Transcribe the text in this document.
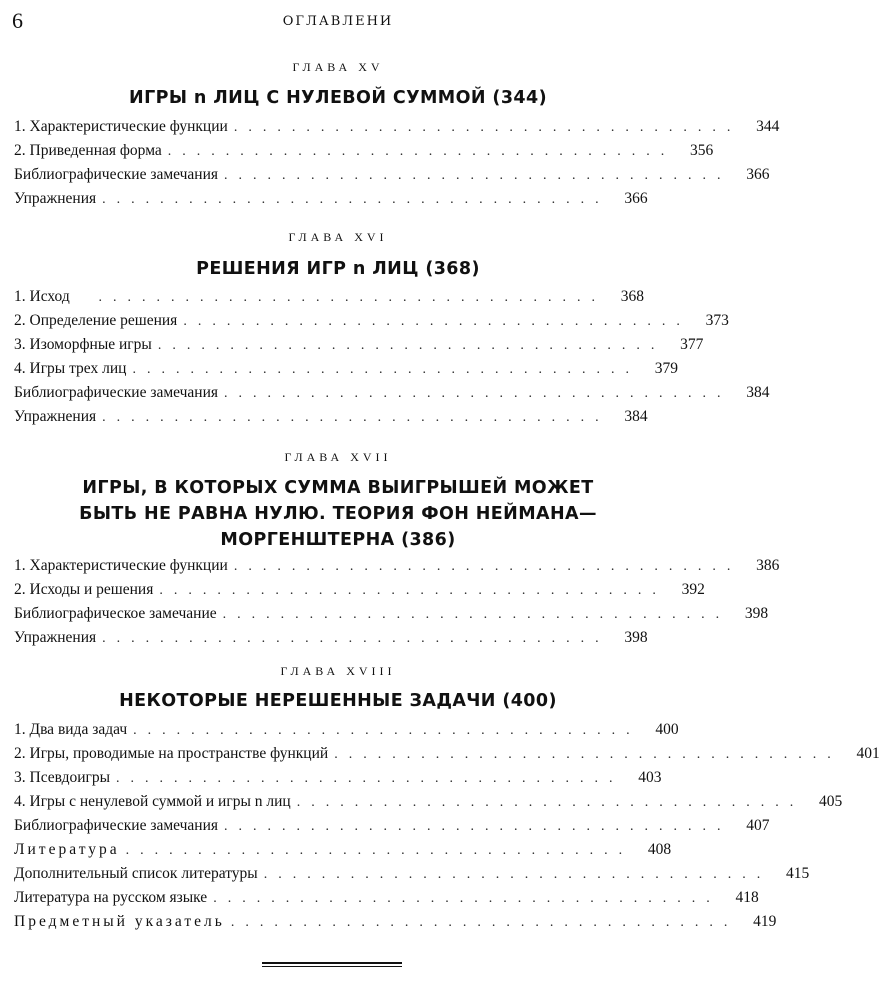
6	ОГЛАВЛЕНИ
ГЛАВА XV
ИГРЫ n ЛИЦ С НУЛЕВОЙ СУММОЙ (344)
1. Характеристические функции ................................... 344
2. Приведенная форма ................................... 356
Библиографические замечания ................................... 366
Упражнения ................................... 366
ГЛАВА XVI
РЕШЕНИЯ ИГР n ЛИЦ (368)
1. Исход	................................... 368
2. Определение решения ................................... 373
3. Изоморфные игры ................................... 377
4. Игры трех лиц ................................... 379
Библиографические замечания ................................... 384
Упражнения ................................... 384
ГЛАВА XVII
ИГРЫ, В КОТОРЫХ СУММА ВЫИГРЫШЕЙ МОЖЕТ
БЫТЬ НЕ РАВНА НУЛЮ. ТЕОРИЯ ФОН НЕЙМАНА—
МОРГЕНШТЕРНА (386)
1. Характеристические функции ................................... 386
2. Исходы и решения ................................... 392
Библиографическое замечание ................................... 398
Упражнения ................................... 398
ГЛАВА XVIII
НЕКОТОРЫЕ НЕРЕШЕННЫЕ ЗАДАЧИ (400)
1. Два вида задач ................................... 400
2. Игры, проводимые на пространстве функций ................................... 401
3. Псевдоигры ................................... 403
4. Игры с ненулевой суммой и игры n лиц ................................... 405
Библиографические замечания ................................... 407
Литература ................................... 408
Дополнительный список литературы ................................... 415
Литература на русском языке ................................... 418
Предметный указатель ................................... 419
